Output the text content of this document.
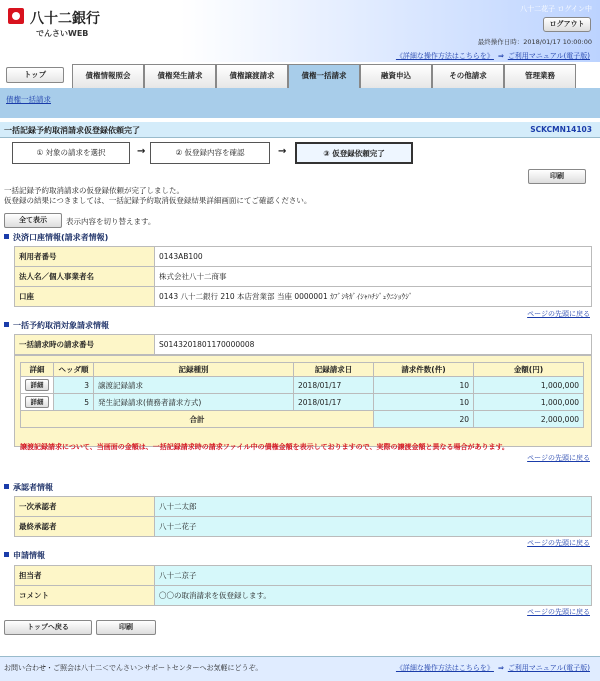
八十二銀行
でんさいWEB
八十二花子 ログイン中
ログアウト
最終操作日時：2018/01/17 10:00:00
《詳細な操作方法はこちらを》 ⇒ ご利用マニュアル(電子版)
トップ	債権情報照会	債権発生請求	債権譲渡請求	債権一括請求	融資申込	その他請求	管理業務
債権一括請求
一括記録予約取消請求仮登録依頼完了	SCKCMN14103
① 対象の請求を選択	→	② 仮登録内容を確認	→	③ 仮登録依頼完了
印刷
一括記録予約取消請求の仮登録依頼が完了しました。
仮登録の結果につきましては、一括記録予約取消仮登録結果詳細画面にてご確認ください。
全て表示	表示内容を切り替えます。
決済口座情報(請求者情報)
利用者番号	0143AB100
法人名／個人事業者名	株式会社八十二商事
口座	0143 八十二銀行 210 本店営業部 当座 0000001 ｶﾌﾞｼｷｶﾞｲｼｬﾊﾁｼﾞｭｳﾆｼｮｳｼﾞ
ページの先頭に戻る
一括予約取消対象請求情報
一括請求時の請求番号	S0143201801170000008
詳細	ヘッダ順	記録種別	記録請求日	請求件数(件)	金額(円)
詳細	3	譲渡記録請求	2018/01/17	10	1,000,000
詳細	5	発生記録請求(債務者請求方式)	2018/01/17	10	1,000,000
合計				20	2,000,000
譲渡記録請求について、当画面の金額は、一括記録請求時の請求ファイル中の債権金額を表示しておりますので、実際の譲渡金額と異なる場合があります。
ページの先頭に戻る
承認者情報
一次承認者	八十二太郎
最終承認者	八十二花子
ページの先頭に戻る
申請情報
担当者	八十二京子
コメント	〇〇の取消請求を仮登録します。
ページの先頭に戻る
トップへ戻る	印刷
お問い合わせ・ご照会は八十二＜でんさい＞サポートセンターへお気軽にどうぞ。	《詳細な操作方法はこちらを》 ⇒ ご利用マニュアル(電子版)
